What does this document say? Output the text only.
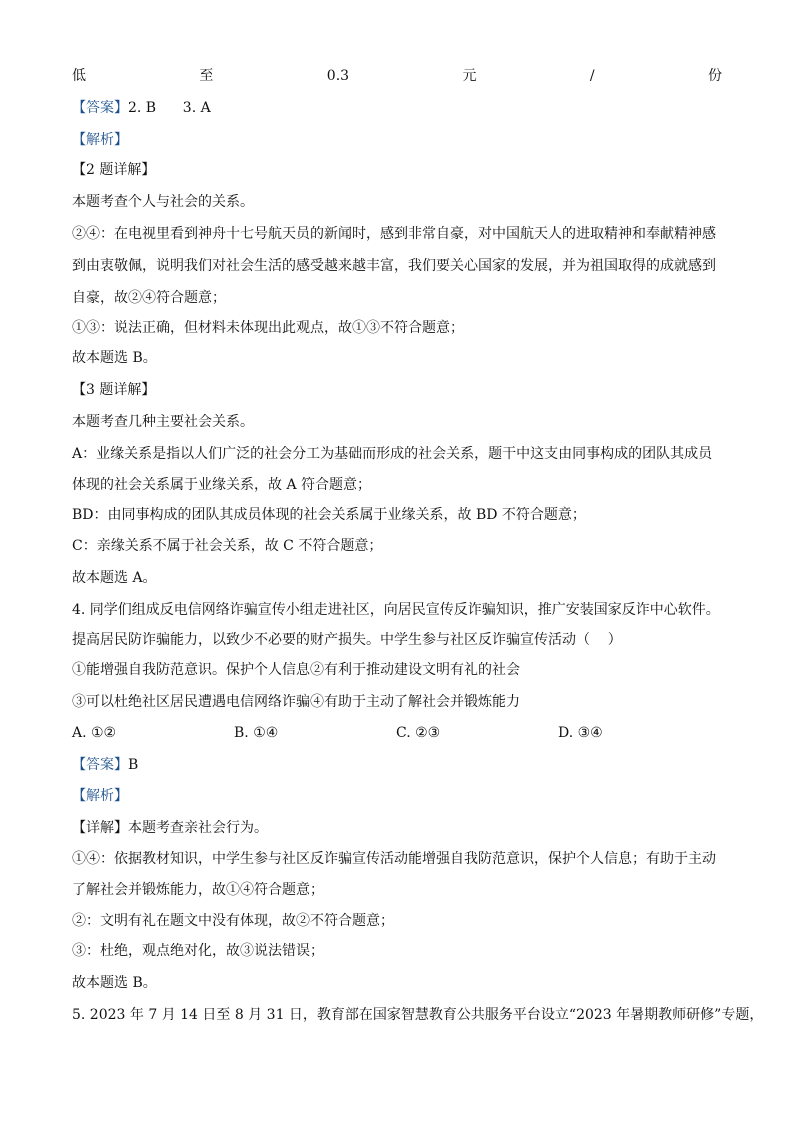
低	至	0.3	元	/	份
【答案】2. B      3. A
【解析】
【2 题详解】
本题考查个人与社会的关系。
②④：在电视里看到神舟十七号航天员的新闻时，感到非常自豪，对中国航天人的进取精神和奉献精神感
到由衷敬佩，说明我们对社会生活的感受越来越丰富，我们要关心国家的发展，并为祖国取得的成就感到
自豪，故②④符合题意；
①③：说法正确，但材料未体现出此观点，故①③不符合题意；
故本题选 B。
【3 题详解】
本题考查几种主要社会关系。
A：业缘关系是指以人们广泛的社会分工为基础而形成的社会关系，题干中这支由同事构成的团队其成员
体现的社会关系属于业缘关系，故 A 符合题意；
BD：由同事构成的团队其成员体现的社会关系属于业缘关系，故 BD 不符合题意；
C：亲缘关系不属于社会关系，故 C 不符合题意；
故本题选 A。
4. 同学们组成反电信网络诈骗宣传小组走进社区，向居民宣传反诈骗知识，推广安装国家反诈中心软件。
提高居民防诈骗能力，以致少不必要的财产损失。中学生参与社区反诈骗宣传活动（    ）
①能增强自我防范意识。保护个人信息②有利于推动建设文明有礼的社会
③可以杜绝社区居民遭遇电信网络诈骗④有助于主动了解社会并锻炼能力
A. ①②	B. ①④	C. ②③	D. ③④
【答案】B
【解析】
【详解】本题考查亲社会行为。
①④：依据教材知识，中学生参与社区反诈骗宣传活动能增强自我防范意识，保护个人信息；有助于主动
了解社会并锻炼能力，故①④符合题意；
②：文明有礼在题文中没有体现，故②不符合题意；
③：杜绝，观点绝对化，故③说法错误；
故本题选 B。
5. 2023 年 7 月 14 日至 8 月 31 日，教育部在国家智慧教育公共服务平台设立“2023 年暑期教师研修”专题，
